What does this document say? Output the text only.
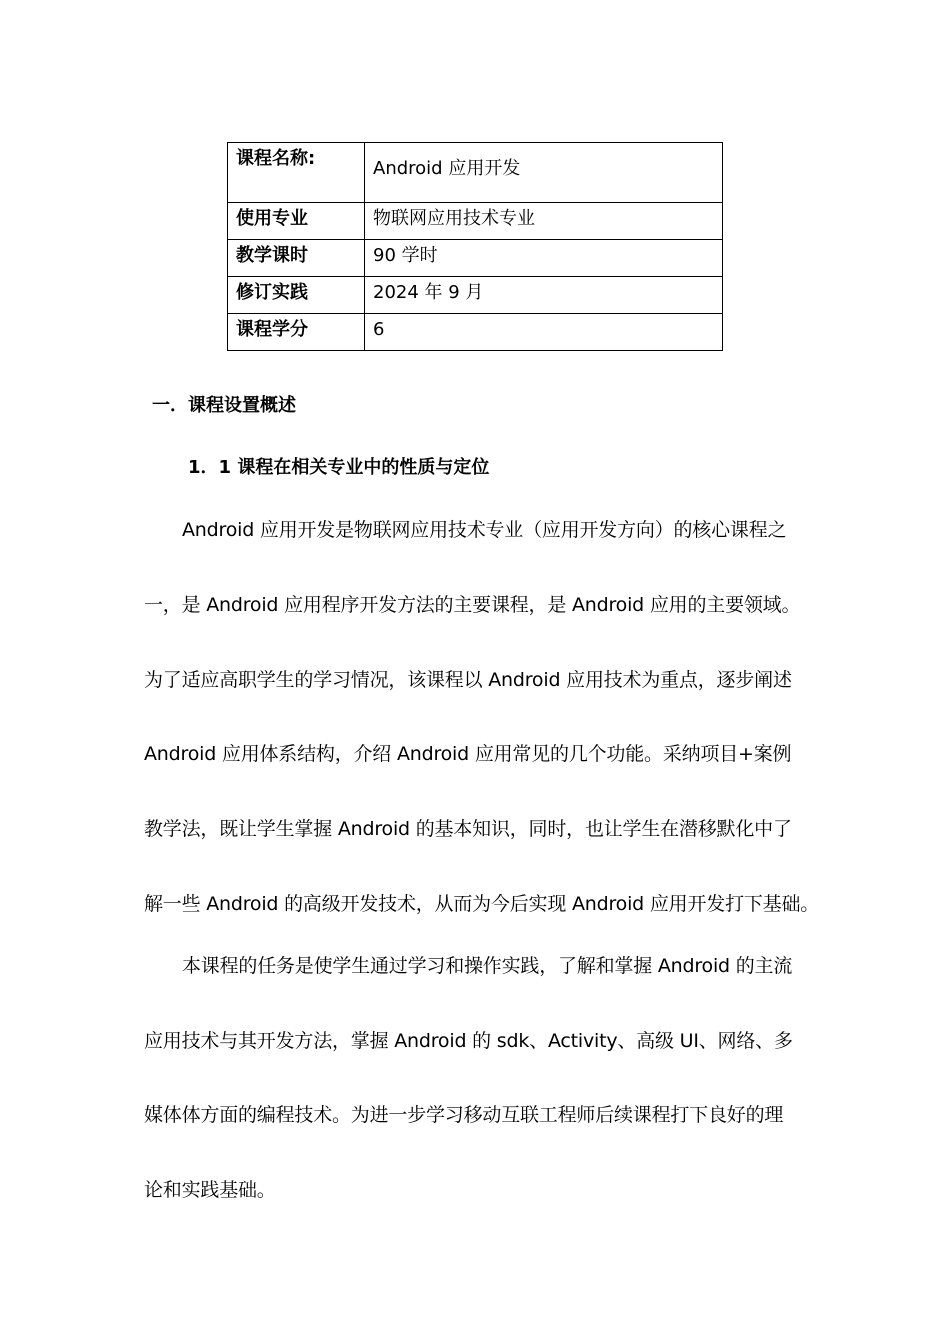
课程名称:	Android 应用开发
使用专业	物联网应用技术专业
教学课时	90 学时
修订实践	2024 年 9 月
课程学分	6
一．课程设置概述
1．1 课程在相关专业中的性质与定位
Android 应用开发是物联网应用技术专业（应用开发方向）的核心课程之
一，是 Android 应用程序开发方法的主要课程，是 Android 应用的主要领域。
为了适应高职学生的学习情况，该课程以 Android 应用技术为重点，逐步阐述
Android 应用体系结构，介绍 Android 应用常见的几个功能。采纳项目+案例
教学法，既让学生掌握 Android 的基本知识，同时，也让学生在潜移默化中了
解一些 Android 的高级开发技术，从而为今后实现 Android 应用开发打下基础。
本课程的任务是使学生通过学习和操作实践，了解和掌握 Android 的主流
应用技术与其开发方法，掌握 Android 的 sdk、Activity、高级 UI、网络、多
媒体体方面的编程技术。为进一步学习移动互联工程师后续课程打下良好的理
论和实践基础。
